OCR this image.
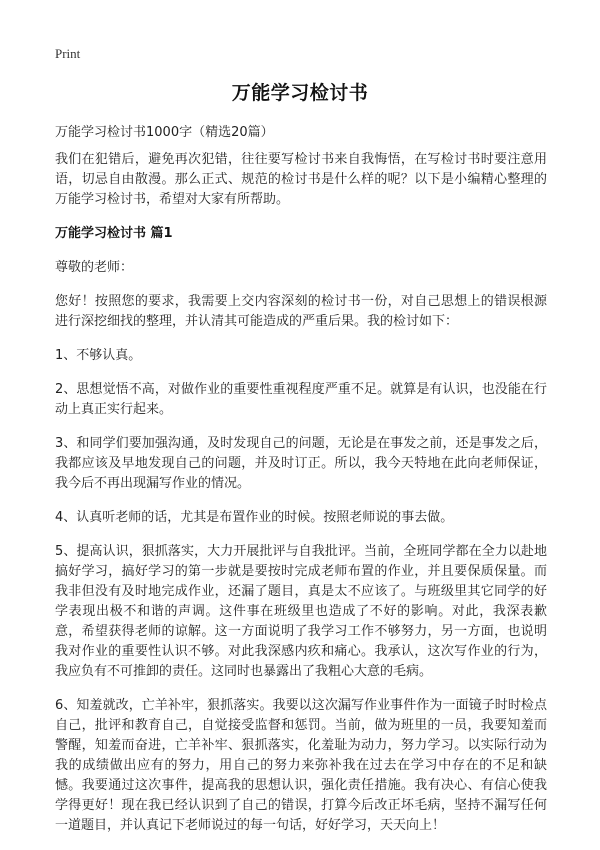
Print
万能学习检讨书
万能学习检讨书1000字（精选20篇）

我们在犯错后，避免再次犯错，往往要写检讨书来自我悔悟，在写检讨书时要注意用语，切忌自由散漫。那么正式、规范的检讨书是什么样的呢？以下是小编精心整理的万能学习检讨书，希望对大家有所帮助。

万能学习检讨书 篇1

尊敬的老师：

您好！按照您的要求，我需要上交内容深刻的检讨书一份，对自己思想上的错误根源进行深挖细找的整理，并认清其可能造成的严重后果。我的检讨如下：

1、不够认真。

2、思想觉悟不高，对做作业的重要性重视程度严重不足。就算是有认识，也没能在行动上真正实行起来。

3、和同学们要加强沟通，及时发现自己的问题，无论是在事发之前，还是事发之后，我都应该及早地发现自己的问题，并及时订正。所以，我今天特地在此向老师保证，我今后不再出现漏写作业的情况。

4、认真听老师的话，尤其是布置作业的时候。按照老师说的事去做。

5、提高认识，狠抓落实，大力开展批评与自我批评。当前，全班同学都在全力以赴地搞好学习，搞好学习的第一步就是要按时完成老师布置的作业，并且要保质保量。而我非但没有及时地完成作业，还漏了题目，真是太不应该了。与班级里其它同学的好学表现出极不和谐的声调。这件事在班级里也造成了不好的影响。对此，我深表歉意，希望获得老师的谅解。这一方面说明了我学习工作不够努力，另一方面，也说明我对作业的重要性认识不够。对此我深感内疚和痛心。我承认，这次写作业的行为，我应负有不可推卸的责任。这同时也暴露出了我粗心大意的毛病。

6、知羞就改，亡羊补牢，狠抓落实。我要以这次漏写作业事件作为一面镜子时时检点自己，批评和教育自己，自觉接受监督和惩罚。当前，做为班里的一员，我要知羞而警醒，知羞而奋进，亡羊补牢、狠抓落实，化羞耻为动力，努力学习。以实际行动为我的成绩做出应有的努力，用自己的努力来弥补我在过去在学习中存在的不足和缺憾。我要通过这次事件，提高我的思想认识，强化责任措施。我有决心、有信心使我学得更好！现在我已经认识到了自己的错误，打算今后改正坏毛病，坚持不漏写任何一道题目，并认真记下老师说过的每一句话，好好学习，天天向上！
